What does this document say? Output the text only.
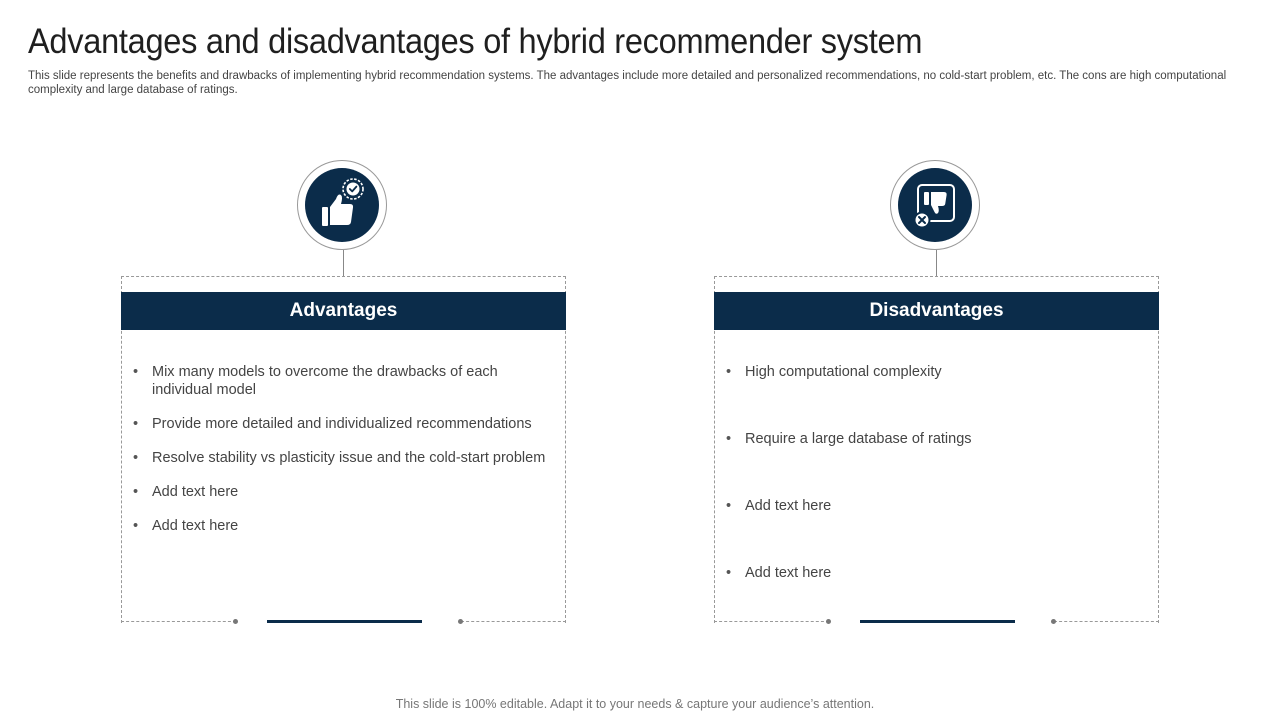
Advantages and disadvantages of hybrid recommender system

This slide represents the benefits and drawbacks of implementing hybrid recommendation systems. The advantages include more detailed and personalized recommendations, no cold-start problem, etc. The cons are high computational complexity and large database of ratings.

Advantages
• Mix many models to overcome the drawbacks of each individual model
• Provide more detailed and individualized recommendations
• Resolve stability vs plasticity issue and the cold-start problem
• Add text here
• Add text here
Disadvantages
• High computational complexity
• Require a large database of ratings
• Add text here
• Add text here
This slide is 100% editable. Adapt it to your needs & capture your audience’s attention.
